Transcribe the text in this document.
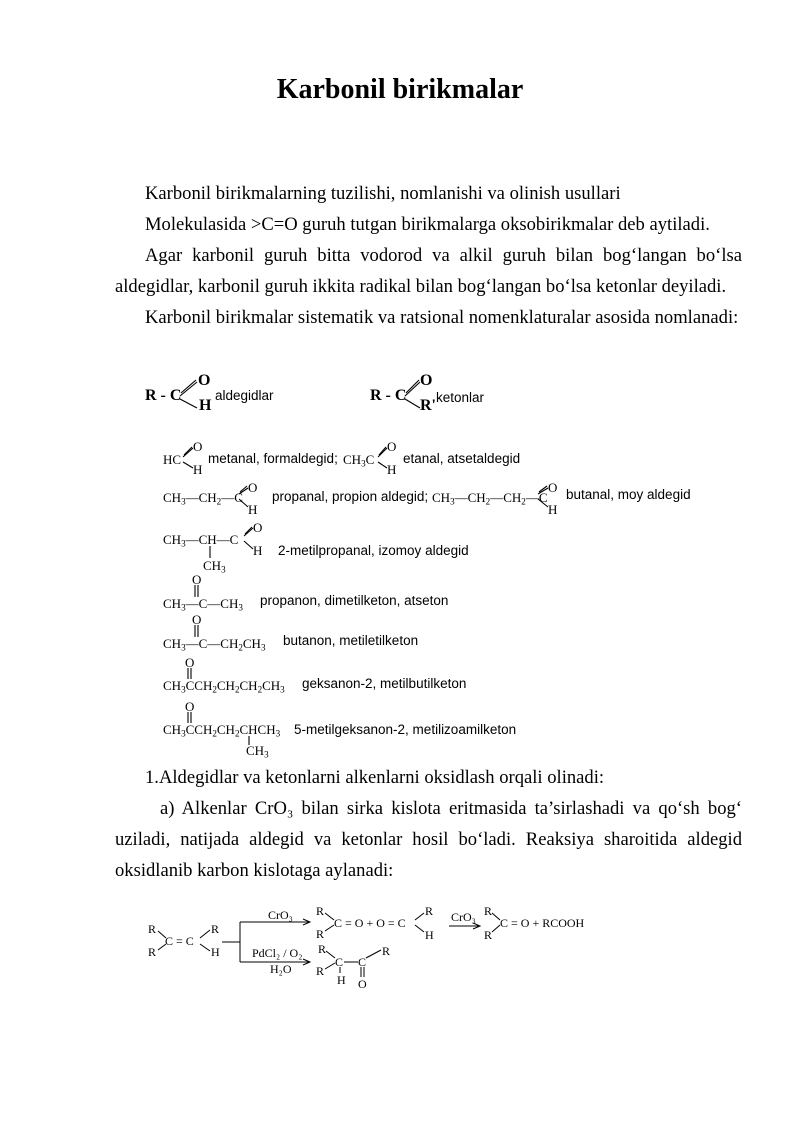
Karbonil birikmalar
Karbonil birikmalarning tuzilishi, nomlanishi va olinish usullari
Molekulasida >C=O guruh tutgan birikmalarga oksobirikmalar deb aytiladi.
Agar karbonil guruh bitta vodorod va alkil guruh bilan bog‘langan bo‘lsa aldegidlar, karbonil guruh ikkita radikal bilan bog‘langan bo‘lsa ketonlar deyiladi.
Karbonil birikmalar sistematik va ratsional nomenklaturalar asosida nomlanadi:
R - C
O
H
aldegidlar	R - C
O
R' ketonlar
HC
O
H
metanal, formaldegid; $CH_3C$
O
H
etanal, atsetaldegid
$CH_3—CH_2—C$
O
H
propanal, propion aldegid; $CH_3—CH_2—CH_2—C$
O
H
butanal, moy aldegid
$CH_3—CH—C$
O
H
$CH_3$
2-metilpropanal, izomoy aldegid
O
$CH_3—C—CH_3$ propanon, dimetilketon, atseton
O
$CH_3—C—CH_2CH_3$ butanon, metiletilketon
O
$CH_3CCH_2CH_2CH_2CH_3$ geksanon-2, metilbutilketon
O
$CH_3CCH_2CH_2CHCH_3$
$CH_3$
5-metilgeksanon-2, metilizoamilketon
1.Aldegidlar va ketonlarni alkenlarni oksidlash orqali olinadi:
a) Alkenlar CrO₃ bilan sirka kislota eritmasida ta’sirlashadi va qo‘sh bog‘ uziladi, natijada aldegid va ketonlar hosil bo‘ladi. Reaksiya sharoitida aldegid oksidlanib karbon kislotaga aylanadi:
R
R
C = C
R
H
CrO₃
PdCl₂ / O₂
H₂O
R
R
C = O + O = C
R
H
CrO₃ R
R
C = O + RCOOH
R
R
C C
H O
R
